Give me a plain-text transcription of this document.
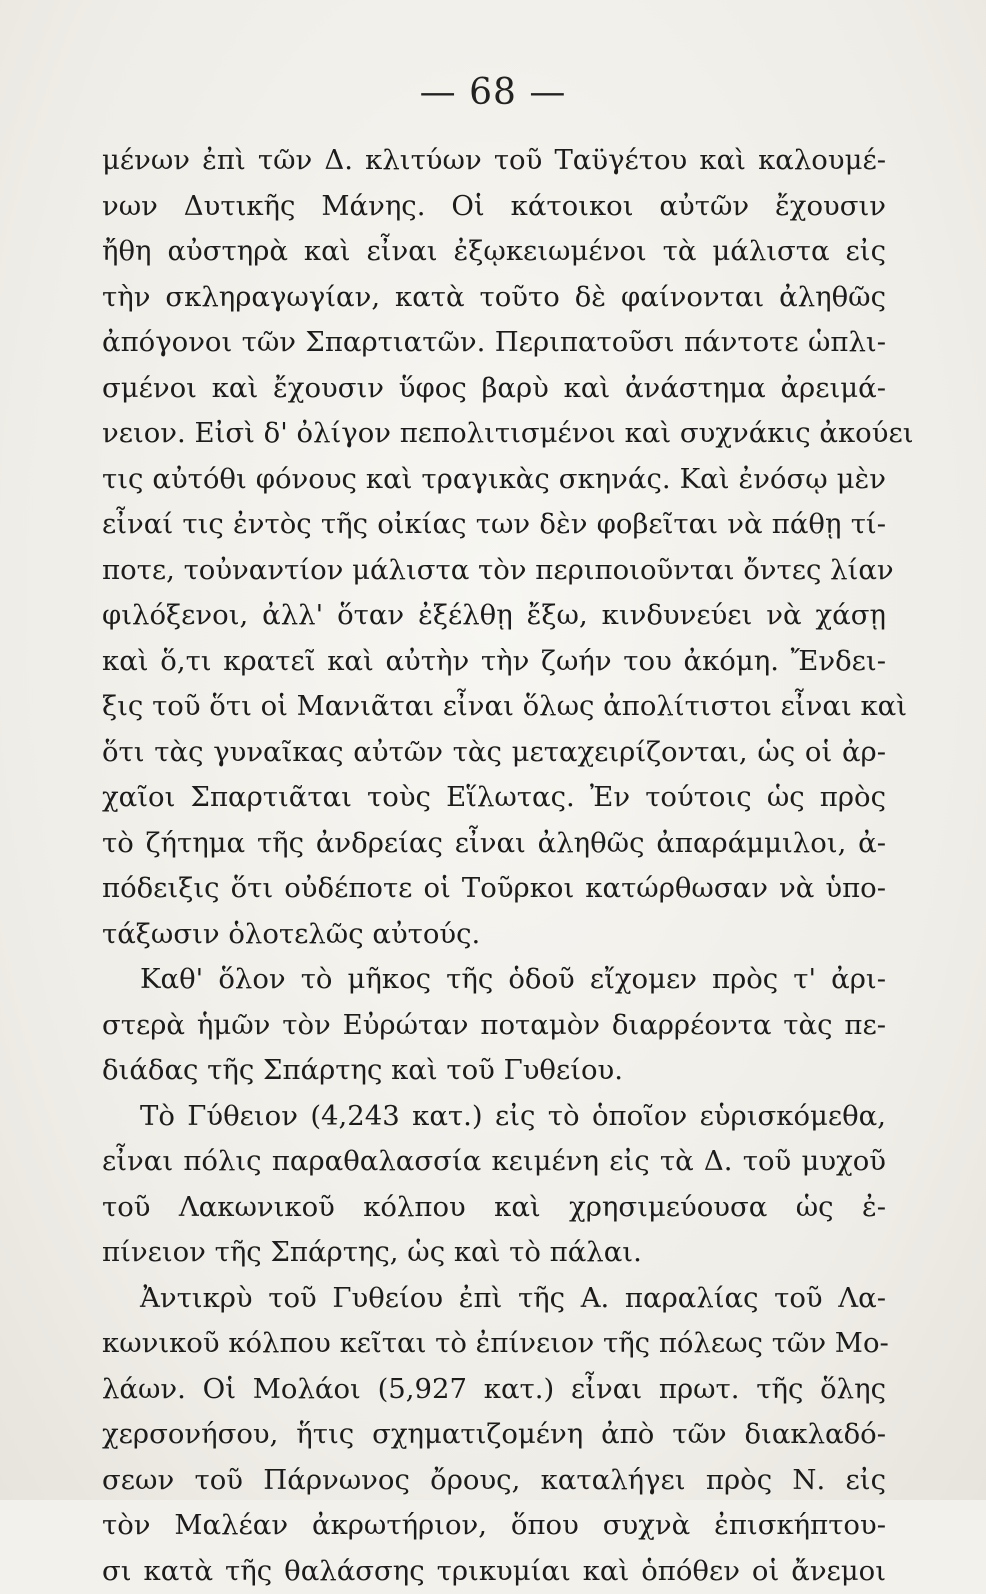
— 68 —
μένων ἐπὶ τῶν Δ. κλιτύων τοῦ Ταϋγέτου καὶ καλουμέ-
νων Δυτικῆς Μάνης. Οἱ κάτοικοι αὐτῶν ἔχουσιν
ἤθη αὐστηρὰ καὶ εἶναι ἐξῳκειωμένοι τὰ μάλιστα εἰς
τὴν σκληραγωγίαν, κατὰ τοῦτο δὲ φαίνονται ἀληθῶς
ἀπόγονοι τῶν Σπαρτιατῶν. Περιπατοῦσι πάντοτε ὡπλι-
σμένοι καὶ ἔχουσιν ὕφος βαρὺ καὶ ἀνάστημα ἀρειμά-
νειον. Εἰσὶ δ' ὀλίγον πεπολιτισμένοι καὶ συχνάκις ἀκούει
τις αὐτόθι φόνους καὶ τραγικὰς σκηνάς. Καὶ ἐνόσῳ μὲν
εἶναί τις ἐντὸς τῆς οἰκίας των δὲν φοβεῖται νὰ πάθῃ τί-
ποτε, τοὐναντίον μάλιστα τὸν περιποιοῦνται ὄντες λίαν
φιλόξενοι, ἀλλ' ὅταν ἐξέλθῃ ἔξω, κινδυνεύει νὰ χάσῃ
καὶ ὅ,τι κρατεῖ καὶ αὐτὴν τὴν ζωήν του ἀκόμη. Ἔνδει-
ξις τοῦ ὅτι οἱ Μανιᾶται εἶναι ὅλως ἀπολίτιστοι εἶναι καὶ
ὅτι τὰς γυναῖκας αὐτῶν τὰς μεταχειρίζονται, ὡς οἱ ἀρ-
χαῖοι Σπαρτιᾶται τοὺς Εἵλωτας. Ἐν τούτοις ὡς πρὸς
τὸ ζήτημα τῆς ἀνδρείας εἶναι ἀληθῶς ἀπαράμμιλοι, ἀ-
πόδειξις ὅτι οὐδέποτε οἱ Τοῦρκοι κατώρθωσαν νὰ ὑπο-
τάξωσιν ὁλοτελῶς αὐτούς.
Καθ' ὅλον τὸ μῆκος τῆς ὁδοῦ εἴχομεν πρὸς τ' ἀρι-
στερὰ ἡμῶν τὸν Εὐρώταν ποταμὸν διαρρέοντα τὰς πε-
διάδας τῆς Σπάρτης καὶ τοῦ Γυθείου.
Τὸ Γύθειον (4,243 κατ.) εἰς τὸ ὁποῖον εὑρισκόμεθα,
εἶναι πόλις παραθαλασσία κειμένη εἰς τὰ Δ. τοῦ μυχοῦ
τοῦ Λακωνικοῦ κόλπου καὶ χρησιμεύουσα ὡς ἐ-
πίνειον τῆς Σπάρτης, ὡς καὶ τὸ πάλαι.
Ἀντικρὺ τοῦ Γυθείου ἐπὶ τῆς Α. παραλίας τοῦ Λα-
κωνικοῦ κόλπου κεῖται τὸ ἐπίνειον τῆς πόλεως τῶν Μο-
λάων. Οἱ Μολάοι (5,927 κατ.) εἶναι πρωτ. τῆς ὅλης
χερσονήσου, ἥτις σχηματιζομένη ἀπὸ τῶν διακλαδό-
σεων τοῦ Πάρνωνος ὄρους, καταλήγει πρὸς Ν. εἰς
τὸν Μαλέαν ἀκρωτήριον, ὅπου συχνὰ ἐπισκήπτου-
σι κατὰ τῆς θαλάσσης τρικυμίαι καὶ ὁπόθεν οἱ ἄνεμοι
